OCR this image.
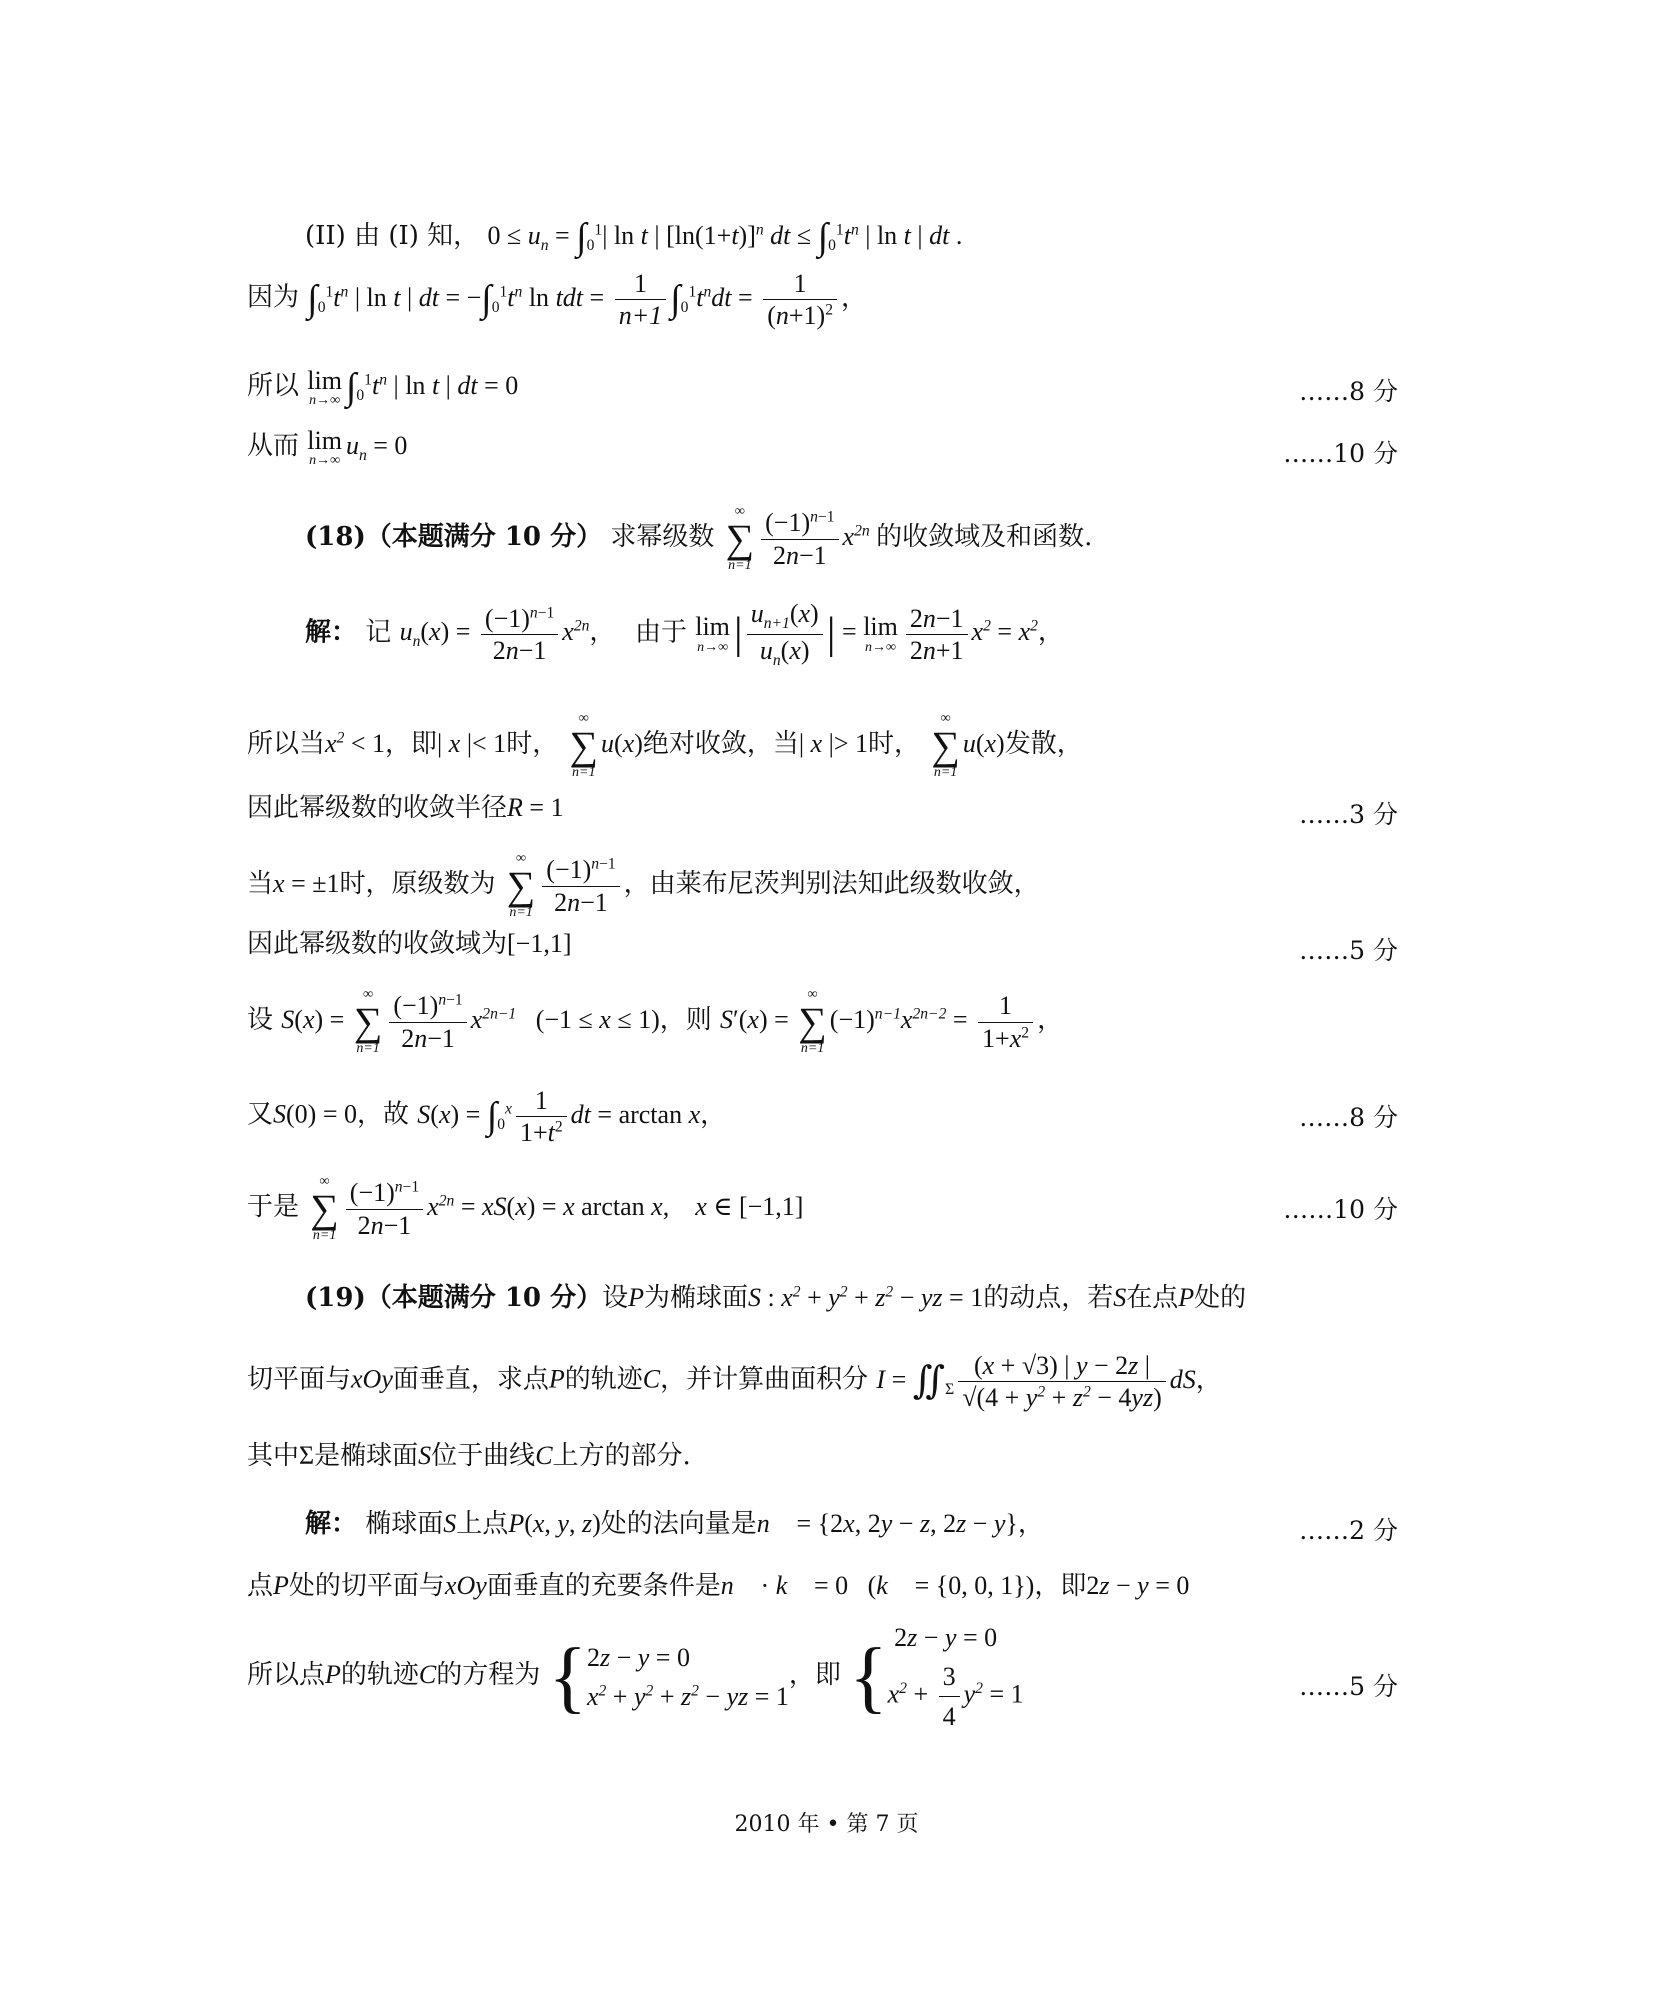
(II) 由 (I) 知， $0 \le u_n = \int_0^1|$ ln t | $[\ln(1+t)]^n$ dt ≤ $\int_0^1t^n$ | ln t | dt .
因为 $\int_0^1t^n$ | ln t | dt = $-\int_0^1t^n$ ln tdt = $\frac{1}{n+1} \int_0^1t^ndt = \frac{1}{(n+1)^2}$ ，
所以 lim
n→∞ $\int_0^1t^n$ | ln t | dt = 0	……8 分
从而 lim
n→∞
$u_n = 0$	……10 分
(18)（本题满分 10 分） 求幂级数
∞
∑
$n=1 \frac{(-1)^{n-1}}{2n-1} x^{2n}$ 的收敛域及和函数.
解： 记 $u_n(x) = \frac{(-1)^{n-1}}{2n-1} x^{2n}$，   由于 lim
n→∞ | $\frac{u_{n+1}(x)}{u_n(x)}$ | = lim
$n\to\infty \frac{2n-1}{2n+1} x^2 = x^2$，
所以当$x^2 < 1$，即| x |< 1时，
∞
∑
n=1
u(x)绝对收敛，当| x |> 1时，
∞
∑
n=1
u(x)发散，
因此幂级数的收敛半径R = 1	……3 分
当x = ±1时，原级数为
∞
∑
$n=1 \frac{(-1)^{n-1}}{2n-1}$ ，由莱布尼茨判别法知此级数收敛，
因此幂级数的收敛域为[−1,1]	……5 分
设 S(x) =
∞
∑
$n=1 \frac{(-1)^{n-1}}{2n-1} x^{2n-1}$   (−1 ≤ x ≤ 1)，则 S′(x) =
∞
∑
n=1
$(-1)^{n-1}x^{2n-2} = \frac{1}{1+x^2}$ ，
又S(0) = 0，故 $S(x) = \int_0^x \frac{1}{1+t^2}$ dt = arctan x，	……8 分
于是
∞
∑
$n=1 \frac{(-1)^{n-1}}{2n-1} x^{2n} = xS(x) = x$ arctan x,    x ∈ [−1,1]	……10 分
(19)（本题满分 10 分）设P为椭球面S : $x^2 + y^2 + z^2$ − yz = 1的动点，若S在点P处的
切平面与xOy面垂直，求点P的轨迹C，并计算曲面积分 $I = ∬_\Sigma \frac{(x + √3) | y - 2z |}{√(4 + y^2 + z^2 - 4yz)}$ dS，
其中Σ是椭球面S位于曲线C上方的部分.
解： 椭球面S上点P(x, y, z)处的法向量是n⃗ = {2x, 2y − z, 2z − y}，	……2 分
点P处的切平面与xOy面垂直的充要条件是n⃗ · k⃗ = 0   (k⃗ = {0, 0, 1})，即2z − y = 0
所以点P的轨迹C的方程为 {2z − y = 0
$x^2 + y^2 + z^2$ − yz = 1，即 { 2z − y = 0
$x^2 + \frac{3}{4} y^2 = 1$	……5 分
2010 年 • 第 7 页
